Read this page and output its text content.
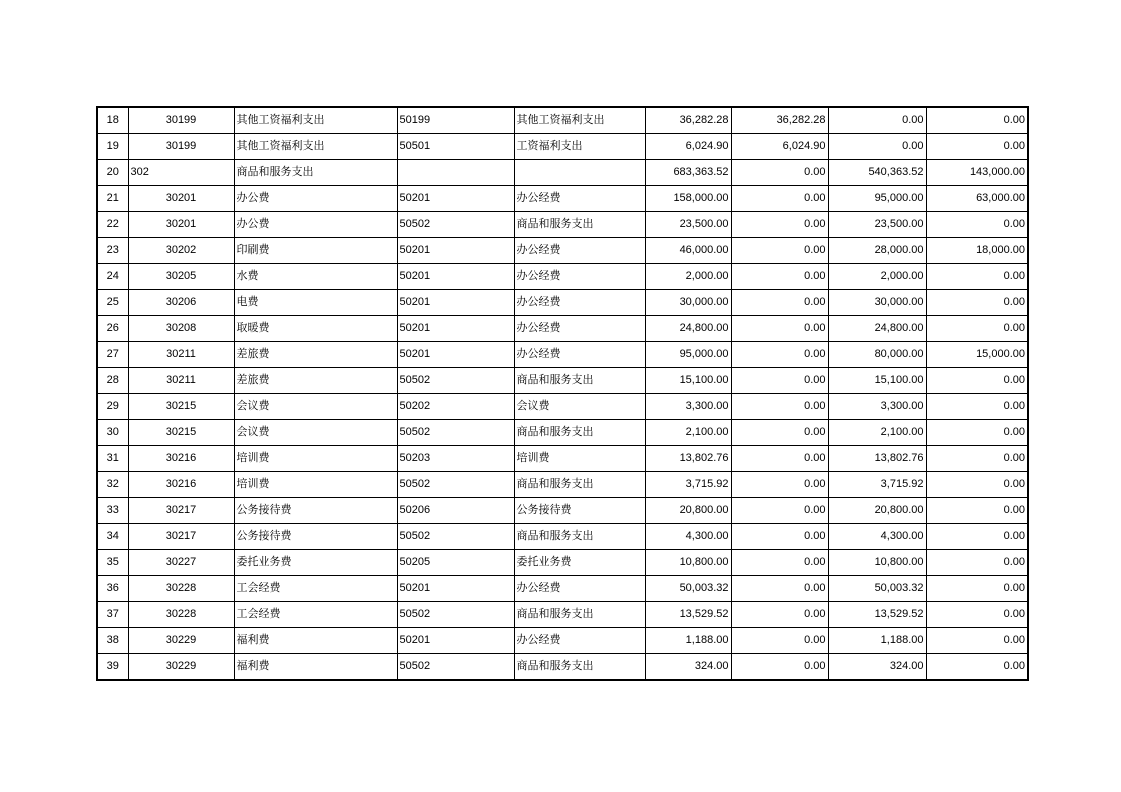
18	30199	其他工资福利支出	50199	其他工资福利支出	36,282.28	36,282.28	0.00	0.00
19	30199	其他工资福利支出	50501	工资福利支出	6,024.90	6,024.90	0.00	0.00
20	302	商品和服务支出			683,363.52	0.00	540,363.52	143,000.00
21	30201	办公费	50201	办公经费	158,000.00	0.00	95,000.00	63,000.00
22	30201	办公费	50502	商品和服务支出	23,500.00	0.00	23,500.00	0.00
23	30202	印刷费	50201	办公经费	46,000.00	0.00	28,000.00	18,000.00
24	30205	水费	50201	办公经费	2,000.00	0.00	2,000.00	0.00
25	30206	电费	50201	办公经费	30,000.00	0.00	30,000.00	0.00
26	30208	取暖费	50201	办公经费	24,800.00	0.00	24,800.00	0.00
27	30211	差旅费	50201	办公经费	95,000.00	0.00	80,000.00	15,000.00
28	30211	差旅费	50502	商品和服务支出	15,100.00	0.00	15,100.00	0.00
29	30215	会议费	50202	会议费	3,300.00	0.00	3,300.00	0.00
30	30215	会议费	50502	商品和服务支出	2,100.00	0.00	2,100.00	0.00
31	30216	培训费	50203	培训费	13,802.76	0.00	13,802.76	0.00
32	30216	培训费	50502	商品和服务支出	3,715.92	0.00	3,715.92	0.00
33	30217	公务接待费	50206	公务接待费	20,800.00	0.00	20,800.00	0.00
34	30217	公务接待费	50502	商品和服务支出	4,300.00	0.00	4,300.00	0.00
35	30227	委托业务费	50205	委托业务费	10,800.00	0.00	10,800.00	0.00
36	30228	工会经费	50201	办公经费	50,003.32	0.00	50,003.32	0.00
37	30228	工会经费	50502	商品和服务支出	13,529.52	0.00	13,529.52	0.00
38	30229	福利费	50201	办公经费	1,188.00	0.00	1,188.00	0.00
39	30229	福利费	50502	商品和服务支出	324.00	0.00	324.00	0.00
